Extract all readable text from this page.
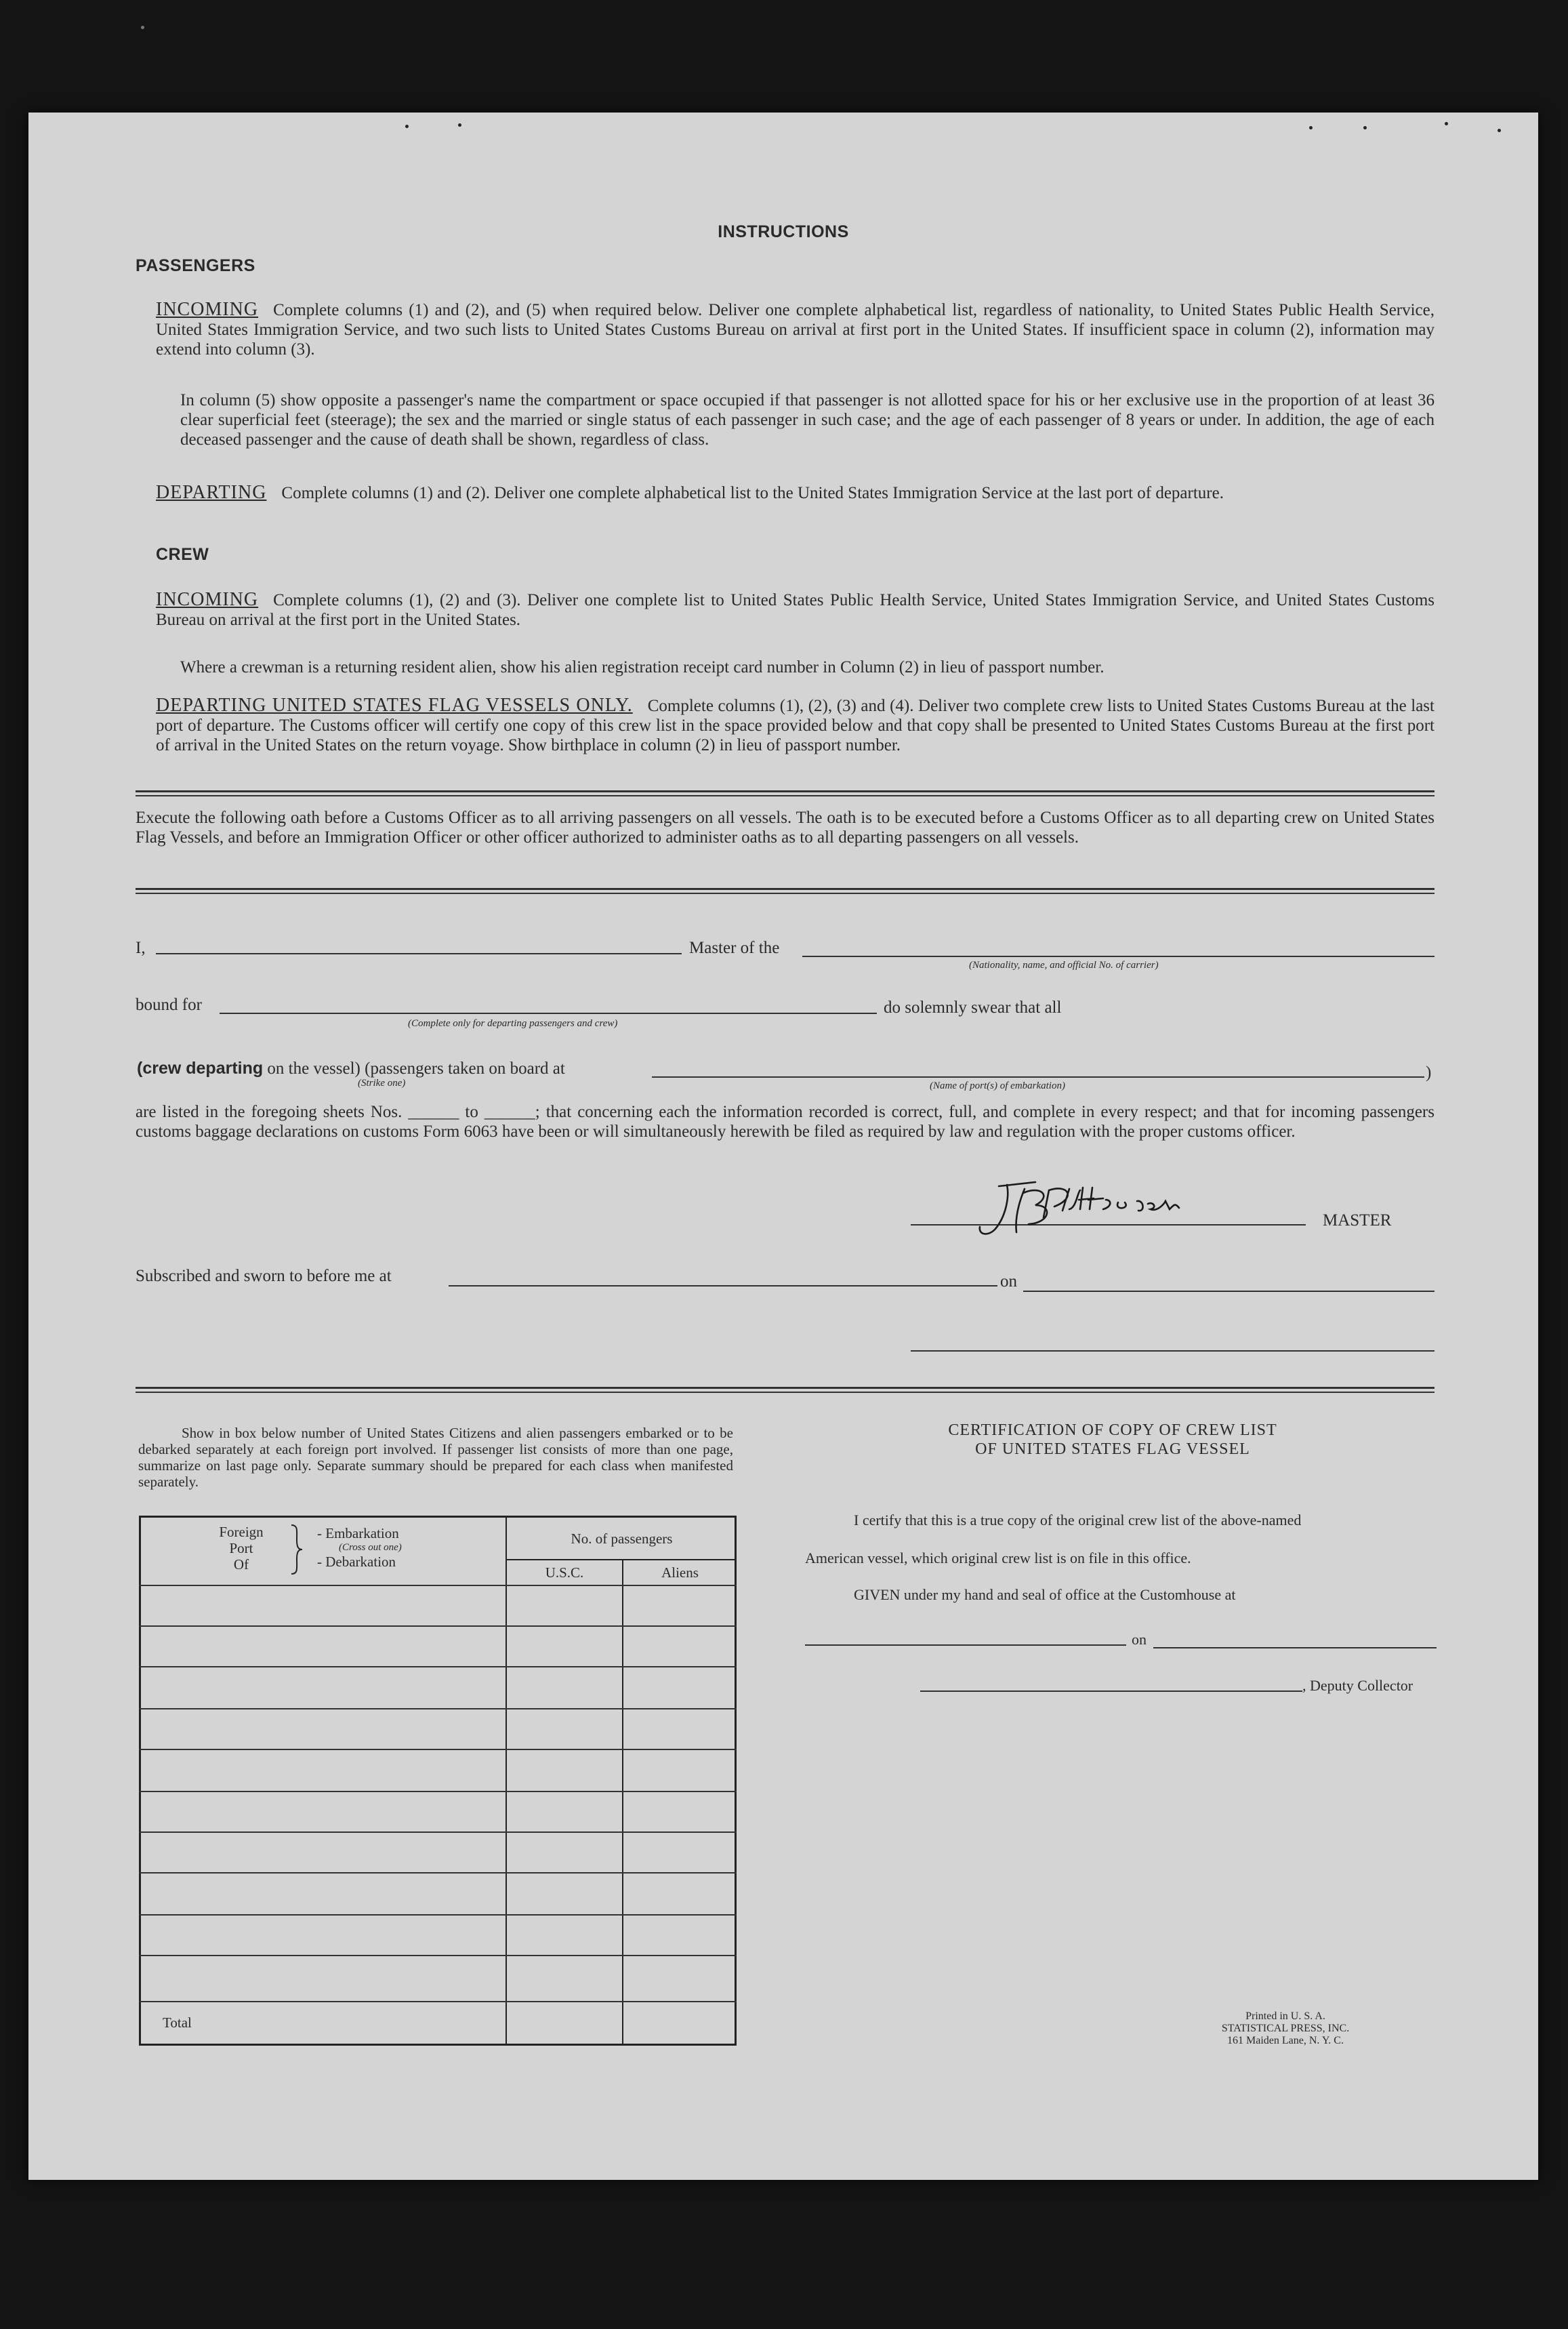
INSTRUCTIONS
PASSENGERS
INCOMING Complete columns (1) and (2), and (5) when required below. Deliver one complete alphabetical list, regardless of nationality, to United States Public Health Service, United States Immigration Service, and two such lists to United States Customs Bureau on arrival at first port in the United States. If insufficient space in column (2), information may extend into column (3).
In column (5) show opposite a passenger's name the compartment or space occupied if that passenger is not allotted space for his or her exclusive use in the proportion of at least 36 clear superficial feet (steerage); the sex and the married or single status of each passenger in such case; and the age of each passenger of 8 years or under. In addition, the age of each deceased passenger and the cause of death shall be shown, regardless of class.
DEPARTING Complete columns (1) and (2). Deliver one complete alphabetical list to the United States Immigration Service at the last port of departure.
CREW
INCOMING Complete columns (1), (2) and (3). Deliver one complete list to United States Public Health Service, United States Immigration Service, and United States Customs Bureau on arrival at the first port in the United States.
Where a crewman is a returning resident alien, show his alien registration receipt card number in Column (2) in lieu of passport number.
DEPARTING UNITED STATES FLAG VESSELS ONLY. Complete columns (1), (2), (3) and (4). Deliver two complete crew lists to United States Customs Bureau at the last port of departure. The Customs officer will certify one copy of this crew list in the space provided below and that copy shall be presented to United States Customs Bureau at the first port of arrival in the United States on the return voyage. Show birthplace in column (2) in lieu of passport number.
Execute the following oath before a Customs Officer as to all arriving passengers on all vessels. The oath is to be executed before a Customs Officer as to all departing crew on United States Flag Vessels, and before an Immigration Officer or other officer authorized to administer oaths as to all departing passengers on all vessels.
I,	Master of the
(Nationality, name, and official No. of carrier)
bound for
(Complete only for departing passengers and crew)
do solemnly swear that all
(crew departing on the vessel) (passengers taken on board at	)
(Strike one)	(Name of port(s) of embarkation)
are listed in the foregoing sheets Nos. ______ to ______; that concerning each the information recorded is correct, full, and complete in every respect; and that for incoming passengers customs baggage declarations on customs Form 6063 have been or will simultaneously herewith be filed as required by law and regulation with the proper customs officer.
MASTER
Subscribed and sworn to before me at	on
Show in box below number of United States Citizens and alien passengers embarked or to be debarked separately at each foreign port involved. If passenger list consists of more than one page, summarize on last page only. Separate summary should be prepared for each class when manifested separately.
Foreign
Port
Of
- Embarkation
(Cross out one)
- Debarkation
No. of passengers
U.S.C.	Aliens
Total
CERTIFICATION OF COPY OF CREW LIST
OF UNITED STATES FLAG VESSEL
I certify that this is a true copy of the original crew list of the above-named
American vessel, which original crew list is on file in this office.
GIVEN under my hand and seal of office at the Customhouse at
on
, Deputy Collector
Printed in U. S. A.
STATISTICAL PRESS, INC.
161 Maiden Lane, N. Y. C.
